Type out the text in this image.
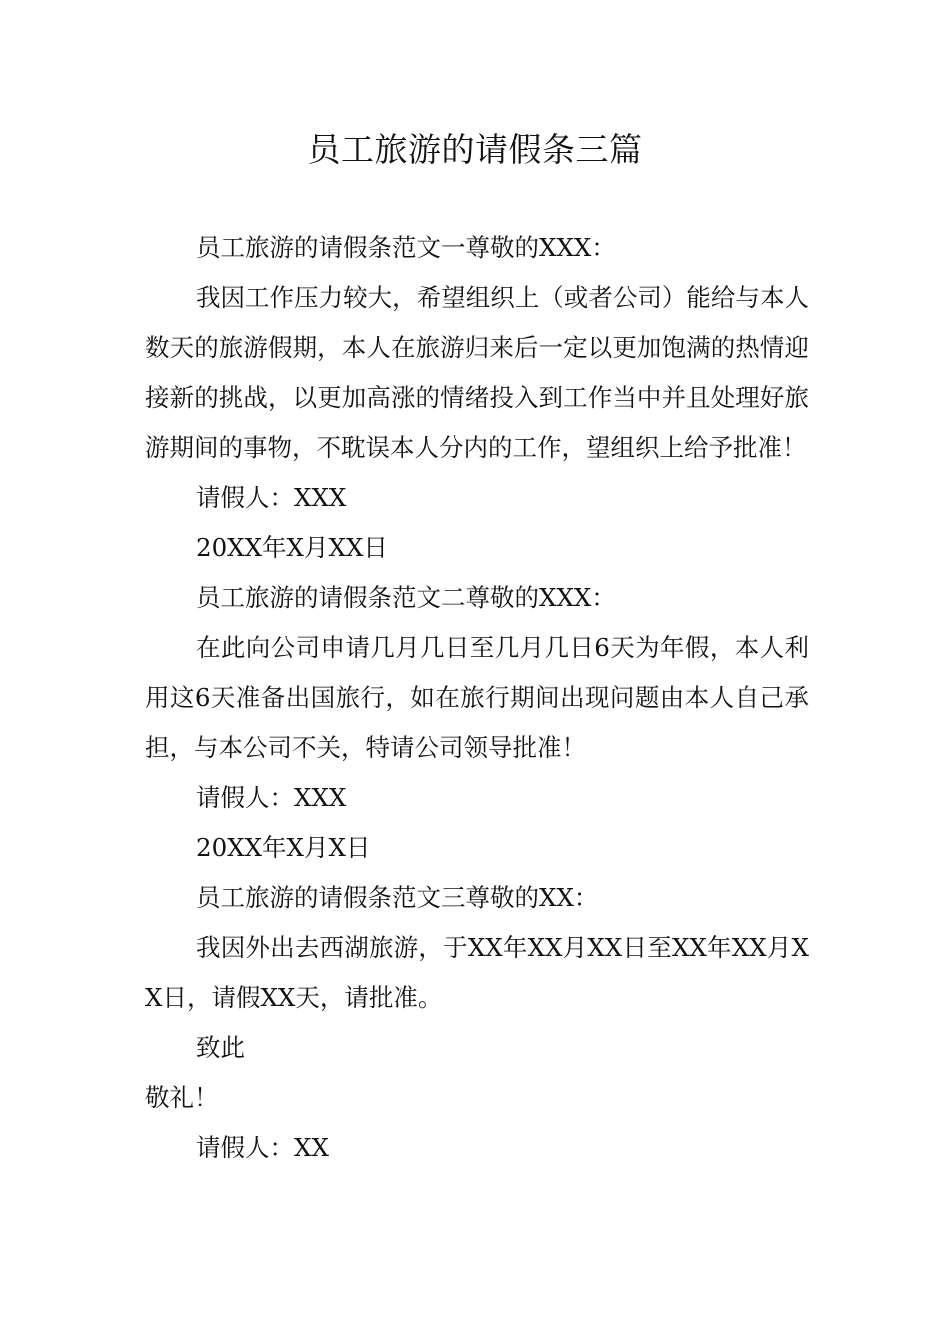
员工旅游的请假条三篇

员工旅游的请假条范文一尊敬的XXX：

我因工作压力较大，希望组织上（或者公司）能给与本人数天的旅游假期，本人在旅游归来后一定以更加饱满的热情迎接新的挑战，以更加高涨的情绪投入到工作当中并且处理好旅游期间的事物，不耽误本人分内的工作，望组织上给予批准！

请假人：XXX

20XX年X月XX日

员工旅游的请假条范文二尊敬的XXX：

在此向公司申请几月几日至几月几日6天为年假，本人利用这6天准备出国旅行，如在旅行期间出现问题由本人自己承担，与本公司不关，特请公司领导批准！

请假人：XXX

20XX年X月X日

员工旅游的请假条范文三尊敬的XX：

我因外出去西湖旅游，于XX年XX月XX日至XX年XX月XX日，请假XX天，请批准。

致此

敬礼！

请假人：XX
